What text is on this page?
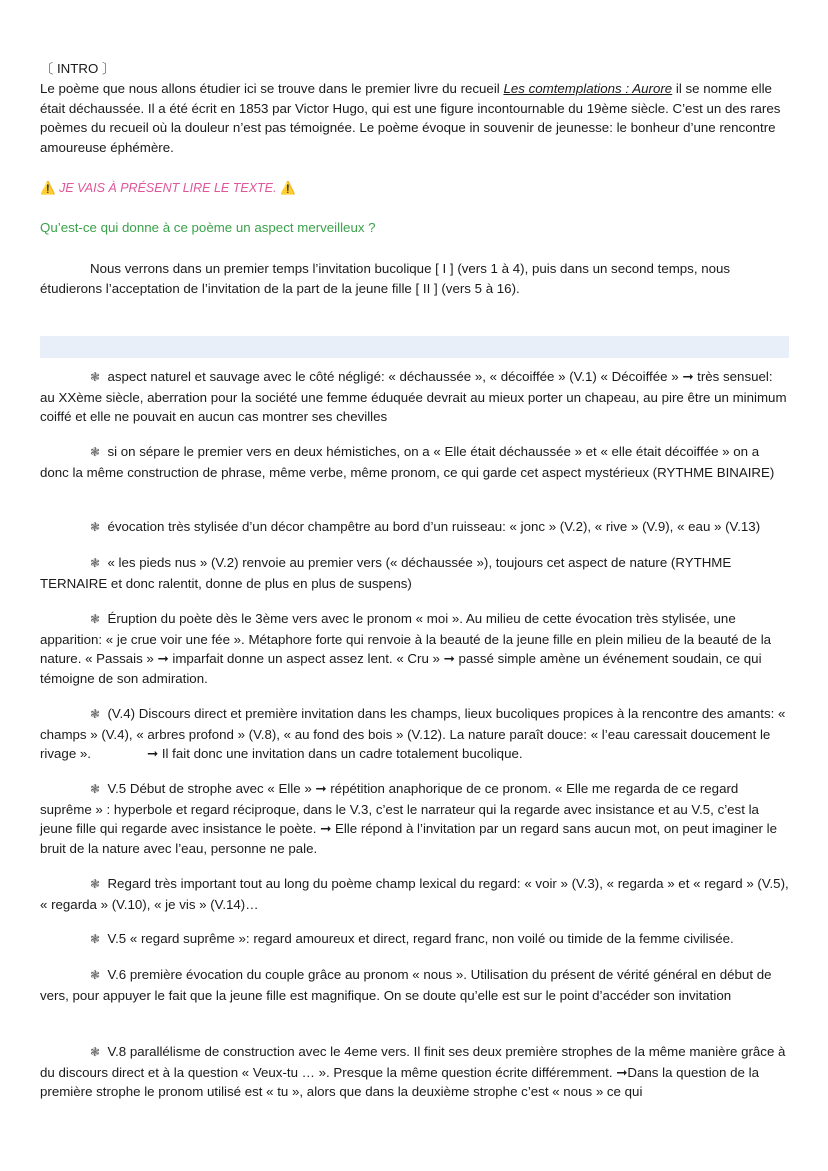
〔 INTRO 〕

Le poème que nous allons étudier ici se trouve dans le premier livre du recueil Les comtemplations : Aurore il se nomme elle était déchaussée. Il a été écrit en 1853 par Victor Hugo, qui est une figure incontournable du 19ème siècle. C’est un des rares poèmes du recueil où la douleur n’est pas témoignée. Le poème évoque in souvenir de jeunesse: le bonheur d’une rencontre amoureuse éphémère.

⚠️ JE VAIS À PRÉSENT LIRE LE TEXTE. ⚠️
Qu’est-ce qui donne à ce poème un aspect merveilleux ?

Nous verrons dans un premier temps l’invitation bucolique [ I ] (vers 1 à 4), puis dans un second temps, nous étudierons l’acceptation de l’invitation de la part de la jeune fille [ II ] (vers 5 à 16).

❃ aspect naturel et sauvage avec le côté négligé: « déchaussée », « décoiffée » (V.1) « Décoiffée » ➞ très sensuel: au XXème siècle, aberration pour la société une femme éduquée devrait au mieux porter un chapeau, au pire être un minimum coiffé et elle ne pouvait en aucun cas montrer ses chevilles

❃ si on sépare le premier vers en deux hémistiches, on a « Elle était déchaussée » et « elle était décoiffée » on a donc la même construction de phrase, même verbe, même pronom, ce qui garde cet aspect mystérieux (RYTHME BINAIRE)

❃ évocation très stylisée d’un décor champêtre au bord d’un ruisseau: « jonc » (V.2), « rive » (V.9), « eau » (V.13)

❃ « les pieds nus » (V.2) renvoie au premier vers (« déchaussée »), toujours cet aspect de nature (RYTHME TERNAIRE et donc ralentit, donne de plus en plus de suspens)

❃ Éruption du poète dès le 3ème vers avec le pronom « moi ». Au milieu de cette évocation très stylisée, une apparition: « je crue voir une fée ». Métaphore forte qui renvoie à la beauté de la jeune fille en plein milieu de la beauté de la nature. « Passais » ➞ imparfait donne un aspect assez lent. « Cru » ➞ passé simple amène un événement soudain, ce qui témoigne de son admiration.

❃ (V.4) Discours direct et première invitation dans les champs, lieux bucoliques propices à la rencontre des amants: « champs » (V.4), « arbres profond » (V.8), « au fond des bois » (V.12). La nature paraît douce: « l’eau caressait doucement le rivage ».	➞ Il fait donc une invitation dans un cadre totalement bucolique.

❃ V.5 Début de strophe avec « Elle » ➞ répétition anaphorique de ce pronom. « Elle me regarda de ce regard suprême » : hyperbole et regard réciproque, dans le V.3, c’est le narrateur qui la regarde avec insistance et au V.5, c’est la jeune fille qui regarde avec insistance le poète. ➞ Elle répond à l’invitation par un regard sans aucun mot, on peut imaginer le bruit de la nature avec l’eau, personne ne pale.

❃ Regard très important tout au long du poème champ lexical du regard: « voir » (V.3), « regarda » et « regard » (V.5), « regarda » (V.10), « je vis » (V.14)…

❃ V.5 « regard suprême »: regard amoureux et direct, regard franc, non voilé ou timide de la femme civilisée.

❃ V.6 première évocation du couple grâce au pronom « nous ». Utilisation du présent de vérité général en début de vers, pour appuyer le fait que la jeune fille est magnifique. On se doute qu’elle est sur le point d’accéder son invitation

❃ V.8 parallélisme de construction avec le 4eme vers. Il finit ses deux première strophes de la même manière grâce à du discours direct et à la question « Veux-tu … ». Presque la même question écrite différemment. ➞Dans la question de la première strophe le pronom utilisé est « tu », alors que dans la deuxième strophe c’est « nous » ce qui
